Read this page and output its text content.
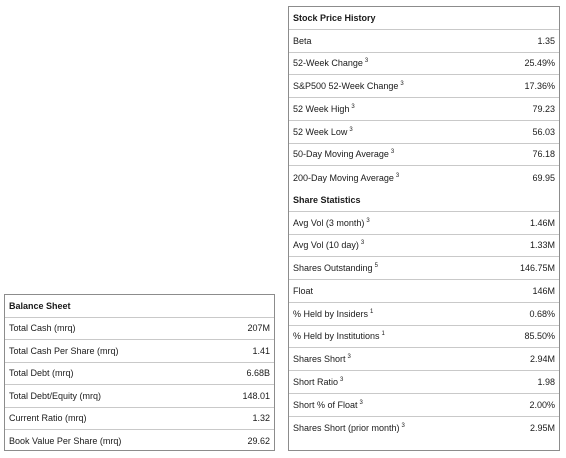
Stock Price History
Beta	1.35
52-Week Change $^3$	25.49%
S&P500 52-Week Change $^3$	17.36%
52 Week High $^3$	79.23
52 Week Low $^3$	56.03
50-Day Moving Average $^3$	76.18
200-Day Moving Average $^3$	69.95
Share Statistics
Avg Vol (3 month) $^3$	1.46M
Avg Vol (10 day) $^3$	1.33M
Shares Outstanding $^5$	146.75M
Float	146M
% Held by Insiders $^1$	0.68%
% Held by Institutions $^1$	85.50%
Shares Short $^3$	2.94M
Short Ratio $^3$	1.98
Short % of Float $^3$	2.00%
Shares Short (prior month) $^3$	2.95M
Balance Sheet
Total Cash (mrq)	207M
Total Cash Per Share (mrq)	1.41
Total Debt (mrq)	6.68B
Total Debt/Equity (mrq)	148.01
Current Ratio (mrq)	1.32
Book Value Per Share (mrq)	29.62
